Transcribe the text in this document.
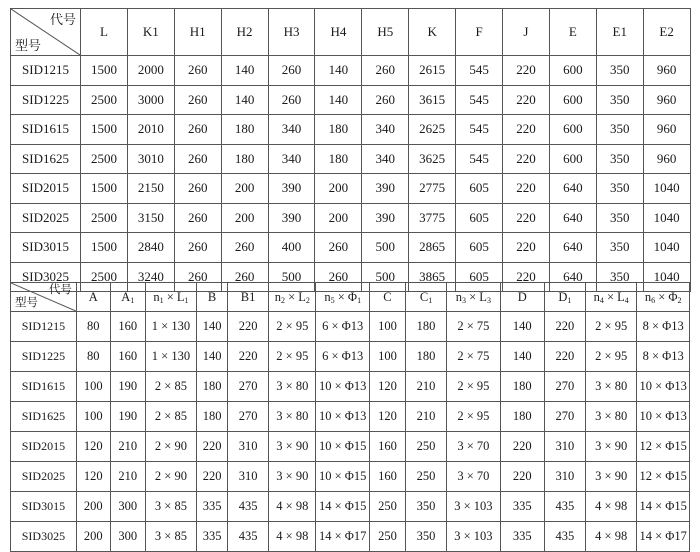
代号
型号	L	K1	H1	H2	H3	H4	H5	K	F	J	E	E1	E2
SID1215	1500	2000	260	140	260	140	260	2615	545	220	600	350	960
SID1225	2500	3000	260	140	260	140	260	3615	545	220	600	350	960
SID1615	1500	2010	260	180	340	180	340	2625	545	220	600	350	960
SID1625	2500	3010	260	180	340	180	340	3625	545	220	600	350	960
SID2015	1500	2150	260	200	390	200	390	2775	605	220	640	350	1040
SID2025	2500	3150	260	200	390	200	390	3775	605	220	640	350	1040
SID3015	1500	2840	260	260	400	260	500	2865	605	220	640	350	1040
SID3025	2500	3240	260	260	500	260	500	3865	605	220	640	350	1040
代号
型号	A	$A_1$	$n_1 \times L_1$	B	B1	$n_2 \times L_2$	$n_5 \times \Phi_1$	C	$C_1$	$n_3 \times L_3$	D	$D_1$	$n_4 \times L_4$	$n_6 \times \Phi_2$
SID1215	80	160	1 × 130	140	220	2 × 95	6 × Φ13	100	180	2 × 75	140	220	2 × 95	8 × Φ13
SID1225	80	160	1 × 130	140	220	2 × 95	6 × Φ13	100	180	2 × 75	140	220	2 × 95	8 × Φ13
SID1615	100	190	2 × 85	180	270	3 × 80	10 × Φ13	120	210	2 × 95	180	270	3 × 80	10 × Φ13
SID1625	100	190	2 × 85	180	270	3 × 80	10 × Φ13	120	210	2 × 95	180	270	3 × 80	10 × Φ13
SID2015	120	210	2 × 90	220	310	3 × 90	10 × Φ15	160	250	3 × 70	220	310	3 × 90	12 × Φ15
SID2025	120	210	2 × 90	220	310	3 × 90	10 × Φ15	160	250	3 × 70	220	310	3 × 90	12 × Φ15
SID3015	200	300	3 × 85	335	435	4 × 98	14 × Φ15	250	350	3 × 103	335	435	4 × 98	14 × Φ15
SID3025	200	300	3 × 85	335	435	4 × 98	14 × Φ17	250	350	3 × 103	335	435	4 × 98	14 × Φ17
